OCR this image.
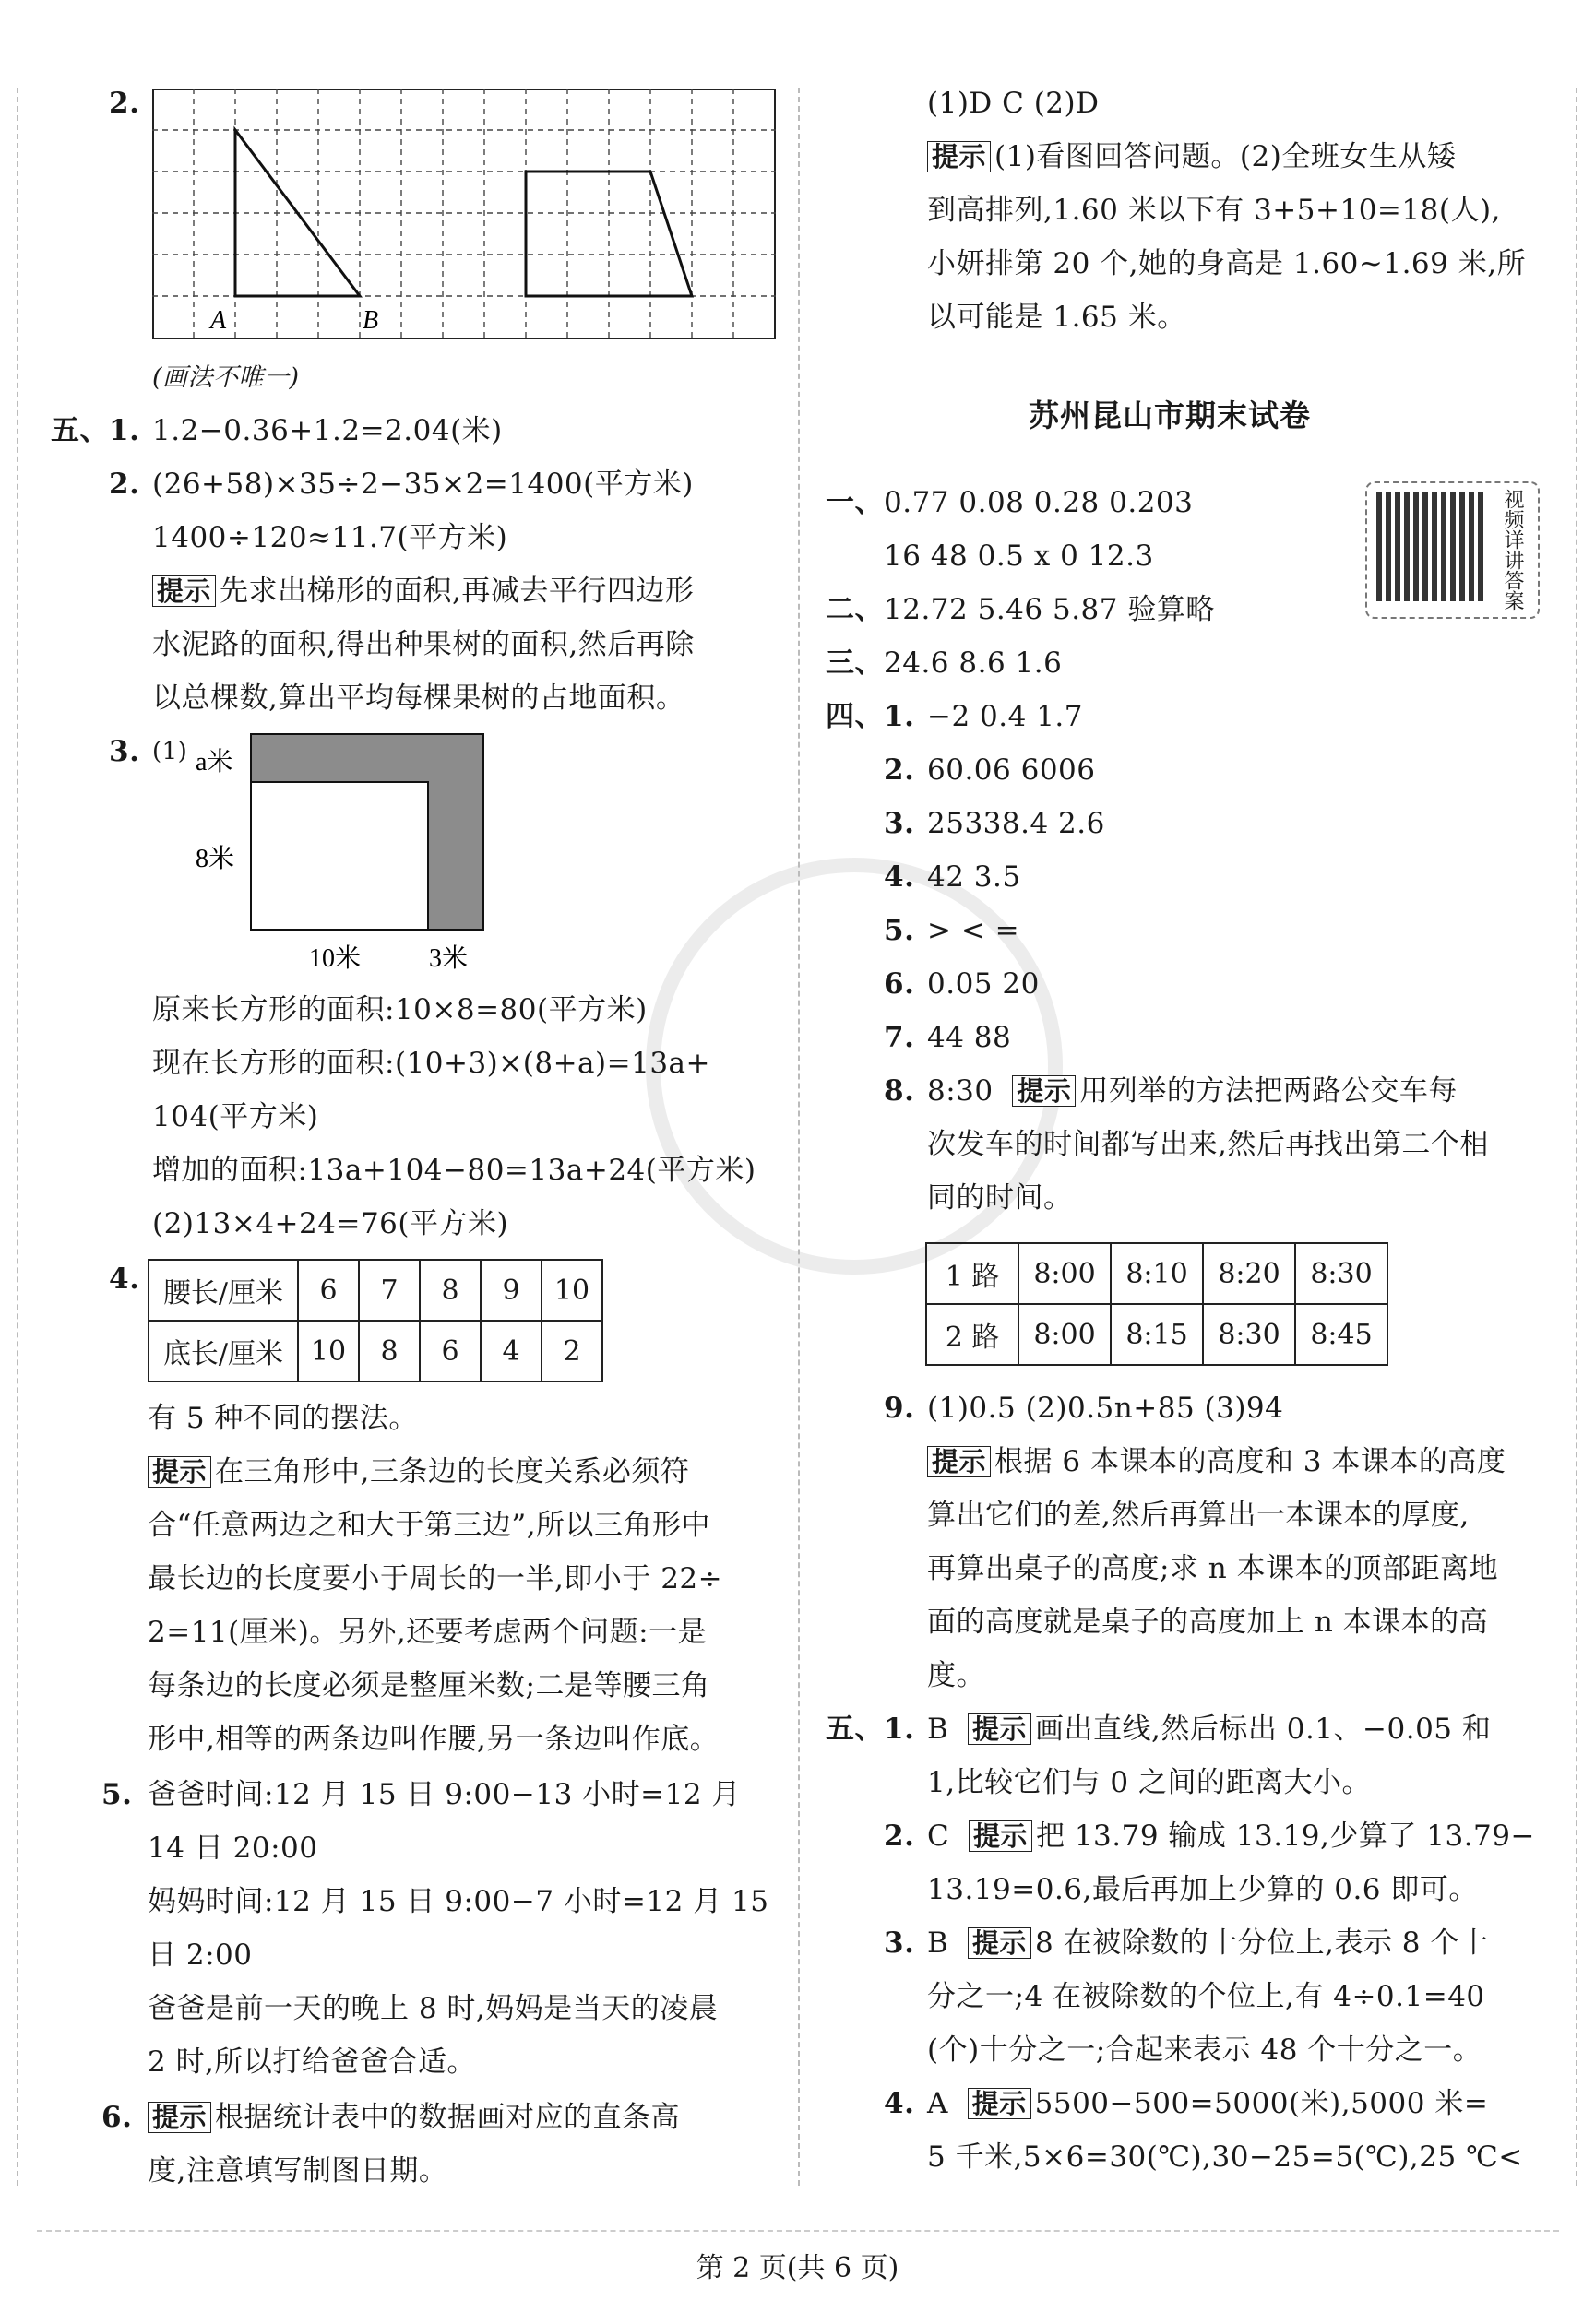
2.
A	B
(画法不唯一)
五、 1. 1.2−0.36+1.2=2.04(米)
2. (26+58)×35÷2−35×2=1400(平方米)
1400÷120≈11.7(平方米)
提示 先求出梯形的面积,再减去平行四边形
水泥路的面积,得出种果树的面积,然后再除
以总棵数,算出平均每棵果树的占地面积。
3. (1) a米
8米
10米	3米
原来长方形的面积:10×8=80(平方米)
现在长方形的面积:(10+3)×(8+a)=13a+
104(平方米)
增加的面积:13a+104−80=13a+24(平方米)
(2)13×4+24=76(平方米)
4. 腰长/厘米	6	7	8	9	10
底长/厘米	10	8	6	4	2
有 5 种不同的摆法。
提示 在三角形中,三条边的长度关系必须符
合“任意两边之和大于第三边”,所以三角形中
最长边的长度要小于周长的一半,即小于 22÷
2=11(厘米)。另外,还要考虑两个问题:一是
每条边的长度必须是整厘米数;二是等腰三角
形中,相等的两条边叫作腰,另一条边叫作底。
5. 爸爸时间:12 月 15 日 9:00−13 小时=12 月
14 日 20:00
妈妈时间:12 月 15 日 9:00−7 小时=12 月 15
日 2:00
爸爸是前一天的晚上 8 时,妈妈是当天的凌晨
2 时,所以打给爸爸合适。
6. 提示 根据统计表中的数据画对应的直条高
度,注意填写制图日期。
(1)D C (2)D
提示 (1)看图回答问题。(2)全班女生从矮
到高排列,1.60 米以下有 3+5+10=18(人),
小妍排第 20 个,她的身高是 1.60~1.69 米,所
以可能是 1.65 米。
苏州昆山市期末试卷
视频详讲答案
一、 0.77 0.08 0.28 0.203
16 48 0.5 x 0 12.3
二、 12.72 5.46 5.87 验算略
三、 24.6 8.6 1.6
四、 1. −2 0.4 1.7
2. 60.06 6006
3. 25338.4 2.6
4. 42 3.5
5. > < =
6. 0.05 20
7. 44 88
8. 8:30 提示 用列举的方法把两路公交车每
次发车的时间都写出来,然后再找出第二个相
同的时间。
1 路	8:00	8:10	8:20	8:30
2 路	8:00	8:15	8:30	8:45
9. (1)0.5 (2)0.5n+85 (3)94
提示 根据 6 本课本的高度和 3 本课本的高度
算出它们的差,然后再算出一本课本的厚度,
再算出桌子的高度;求 n 本课本的顶部距离地
面的高度就是桌子的高度加上 n 本课本的高
度。
五、 1. B 提示 画出直线,然后标出 0.1、−0.05 和
1,比较它们与 0 之间的距离大小。
2. C 提示 把 13.79 输成 13.19,少算了 13.79−
13.19=0.6,最后再加上少算的 0.6 即可。
3. B 提示 8 在被除数的十分位上,表示 8 个十
分之一;4 在被除数的个位上,有 4÷0.1=40
(个)十分之一;合起来表示 48 个十分之一。
4. A 提示 5500−500=5000(米),5000 米=
5 千米,5×6=30(℃),30−25=5(℃),25 ℃<
第 2 页(共 6 页)
